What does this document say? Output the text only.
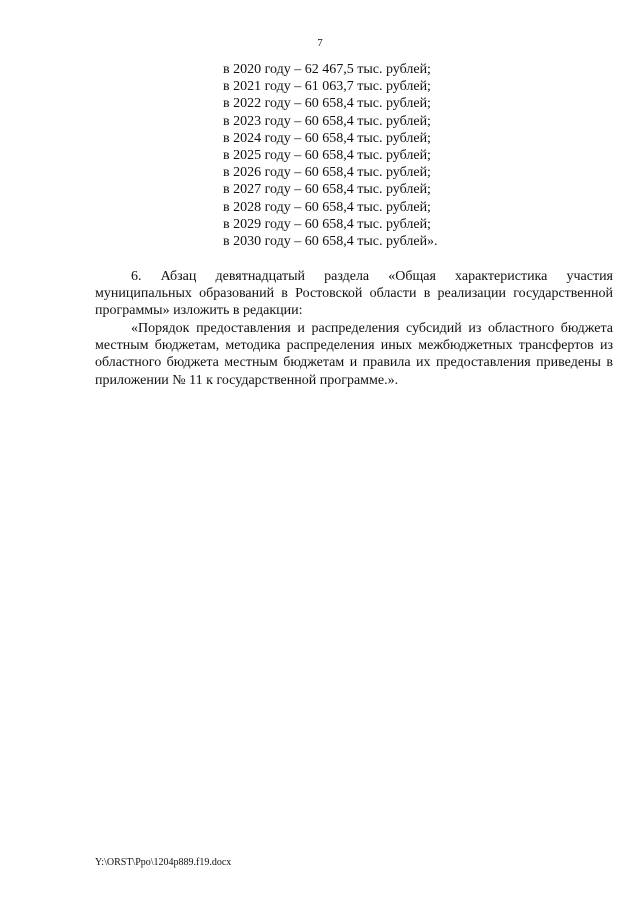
7
в 2020 году – 62 467,5 тыс. рублей;
в 2021 году – 61 063,7 тыс. рублей;
в 2022 году – 60 658,4 тыс. рублей;
в 2023 году – 60 658,4 тыс. рублей;
в 2024 году – 60 658,4 тыс. рублей;
в 2025 году – 60 658,4 тыс. рублей;
в 2026 году – 60 658,4 тыс. рублей;
в 2027 году – 60 658,4 тыс. рублей;
в 2028 году – 60 658,4 тыс. рублей;
в 2029 году – 60 658,4 тыс. рублей;
в 2030 году – 60 658,4 тыс. рублей».

6. Абзац девятнадцатый раздела «Общая характеристика участия муниципальных образований в Ростовской области в реализации государственной программы» изложить в редакции:

«Порядок предоставления и распределения субсидий из областного бюджета местным бюджетам, методика распределения иных межбюджетных трансфертов из областного бюджета местным бюджетам и правила их предоставления приведены в приложении № 11 к государственной программе.».

Y:\ORST\Ppo\1204p889.f19.docx
